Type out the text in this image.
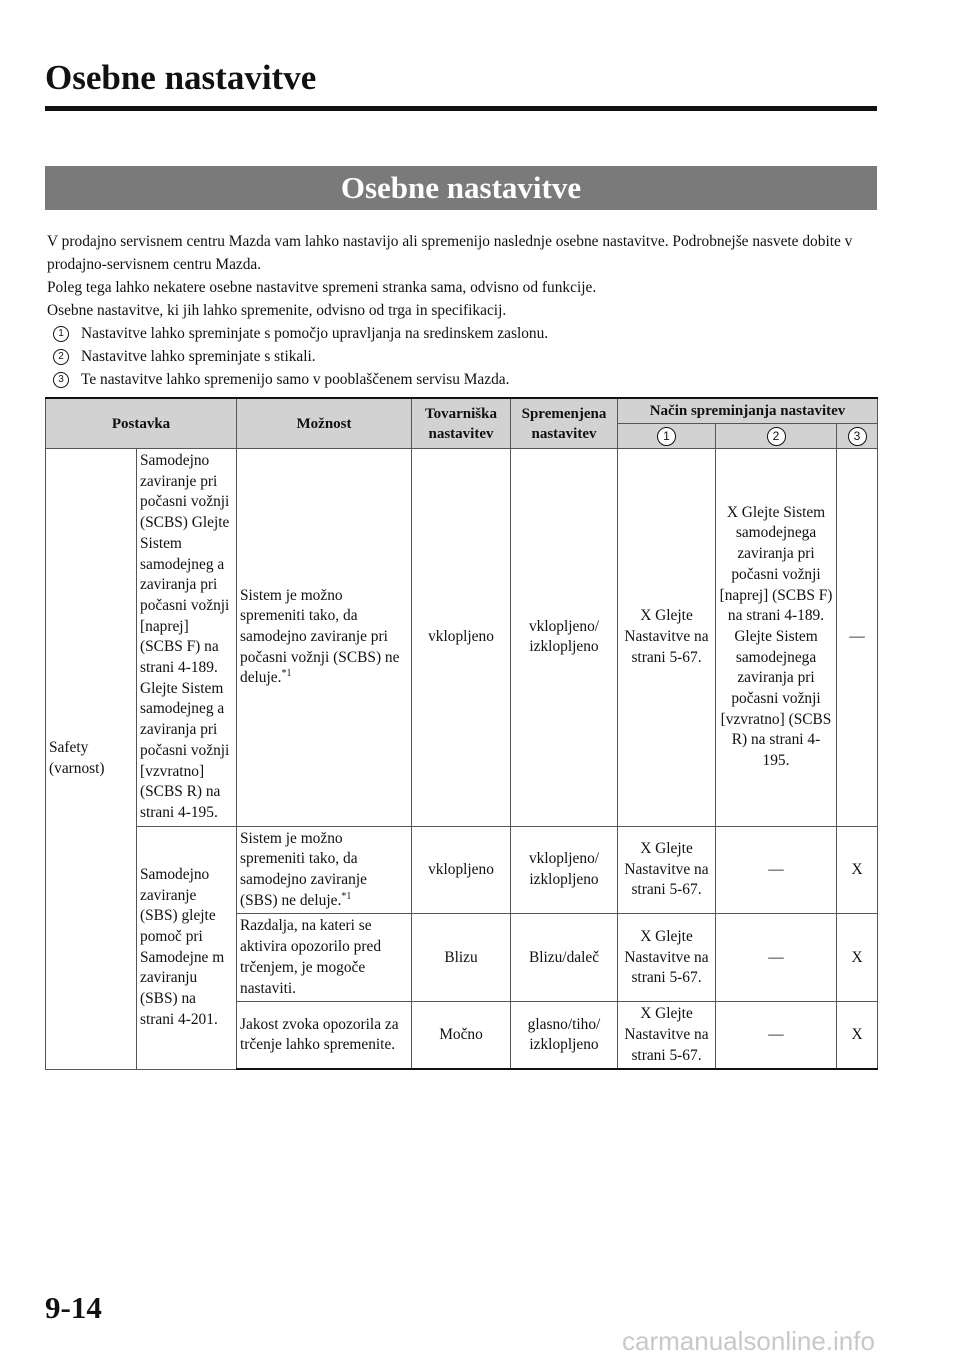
Osebne nastavitve
Osebne nastavitve

V prodajno servisnem centru Mazda vam lahko nastavijo ali spremenijo naslednje osebne nastavitve. Podrobnejše nasvete dobite v prodajno-servisnem centru Mazda.

Poleg tega lahko nekatere osebne nastavitve spremeni stranka sama, odvisno od funkcije.

Osebne nastavitve, ki jih lahko spremenite, odvisno od trga in specifikacij.

1	Nastavitve lahko spreminjate s pomočjo upravljanja na sredinskem zaslonu.
2	Nastavitve lahko spreminjate s stikali.
3	Te nastavitve lahko spremenijo samo v pooblaščenem servisu Mazda.
Postavka		Možnost	Tovarniška nastavitev	Spremenjena nastavitev	Način spreminjanja nastavitev		
					1	2	3
Safety (varnost)	Samodejno zaviranje pri počasni vožnji (SCBS) Glejte Sistem samodejneg a zaviranja pri počasni vožnji [naprej] (SCBS F) na strani 4-189. Glejte Sistem samodejneg a zaviranja pri počasni vožnji [vzvratno] (SCBS R) na strani 4-195.	Sistem je možno spremeniti tako, da samodejno zaviranje pri počasni vožnji (SCBS) ne deluje.$^{*1}$	vklopljeno	vklopljeno/ izklopljeno	X Glejte Nastavitve na strani 5-67.	X Glejte Sistem samodejnega zaviranja pri počasni vožnji [naprej] (SCBS F) na strani 4-189. Glejte Sistem samodejnega zaviranja pri počasni vožnji [vzvratno] (SCBS R) na strani 4-195.	—
	Samodejno zaviranje (SBS) glejte pomoč pri Samodejne m zaviranju (SBS) na strani 4-201.	Sistem je možno spremeniti tako, da samodejno zaviranje (SBS) ne deluje.$^{*1}$	vklopljeno	vklopljeno/ izklopljeno	X Glejte Nastavitve na strani 5-67.	—	X
		Razdalja, na kateri se aktivira opozorilo pred trčenjem, je mogoče nastaviti.	Blizu	Blizu/daleč	X Glejte Nastavitve na strani 5-67.	—	X
		Jakost zvoka opozorila za trčenje lahko spremenite.	Močno	glasno/tiho/ izklopljeno	X Glejte Nastavitve na strani 5-67.	—	X
9-14
carmanualsonline.info
